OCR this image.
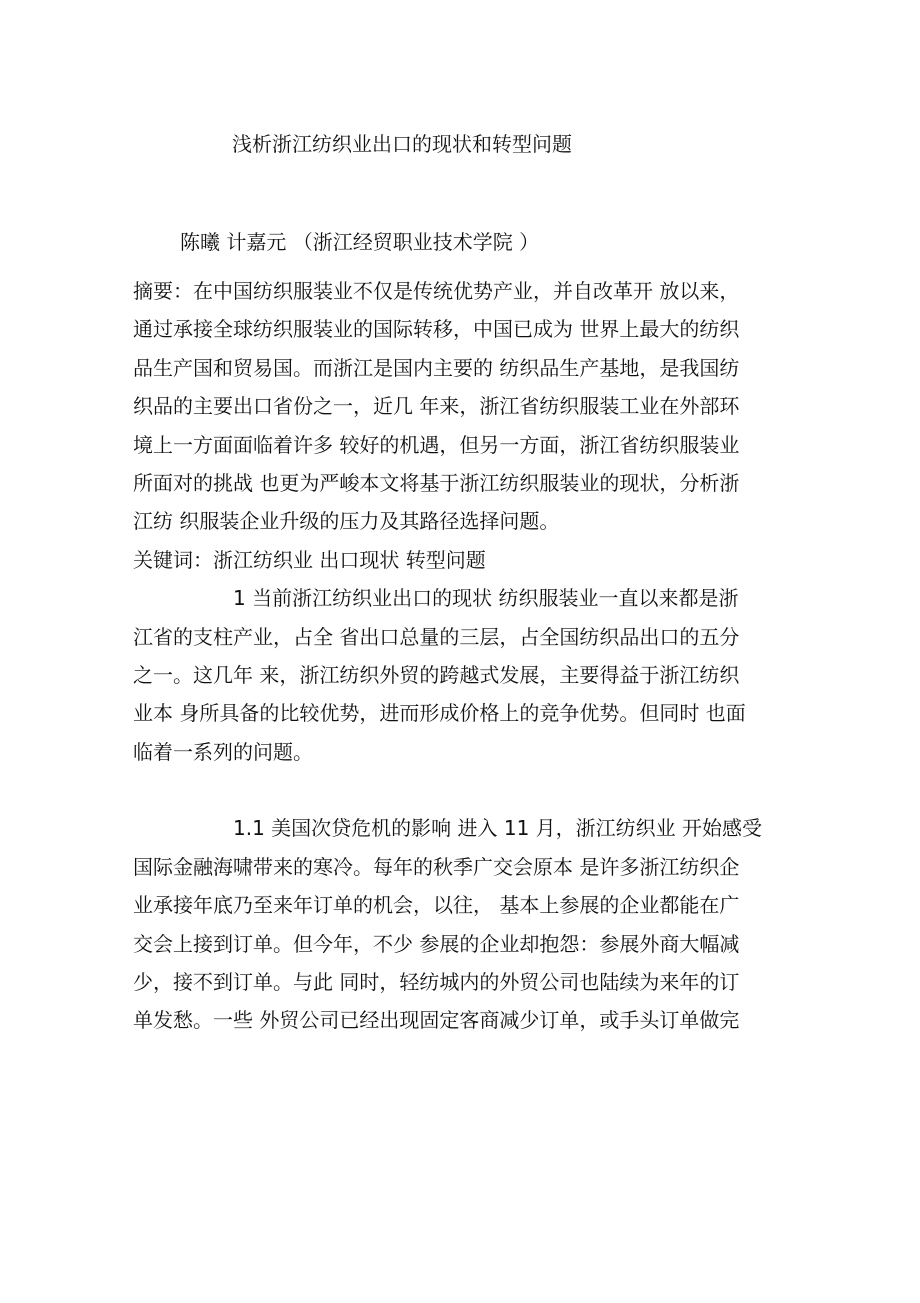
浅析浙江纺织业出口的现状和转型问题
陈曦 计嘉元 （浙江经贸职业技术学院 ）
摘要：在中国纺织服装业不仅是传统优势产业，并自改革开 放以来，
通过承接全球纺织服装业的国际转移，中国已成为 世界上最大的纺织
品生产国和贸易国。而浙江是国内主要的 纺织品生产基地，是我国纺
织品的主要出口省份之一，近几 年来，浙江省纺织服装工业在外部环
境上一方面面临着许多 较好的机遇，但另一方面，浙江省纺织服装业
所面对的挑战 也更为严峻本文将基于浙江纺织服装业的现状，分析浙
江纺 织服装企业升级的压力及其路径选择问题。
关键词：浙江纺织业 出口现状 转型问题
1 当前浙江纺织业出口的现状 纺织服装业一直以来都是浙
江省的支柱产业，占全 省出口总量的三层，占全国纺织品出口的五分
之一。这几年 来，浙江纺织外贸的跨越式发展，主要得益于浙江纺织
业本 身所具备的比较优势，进而形成价格上的竞争优势。但同时 也面
临着一系列的问题。
1.1 美国次贷危机的影响 进入 11 月，浙江纺织业 开始感受
国际金融海啸带来的寒冷。每年的秋季广交会原本 是许多浙江纺织企
业承接年底乃至来年订单的机会，以往， 基本上参展的企业都能在广
交会上接到订单。但今年，不少 参展的企业却抱怨：参展外商大幅减
少，接不到订单。与此 同时，轻纺城内的外贸公司也陆续为来年的订
单发愁。一些 外贸公司已经出现固定客商减少订单，或手头订单做完
